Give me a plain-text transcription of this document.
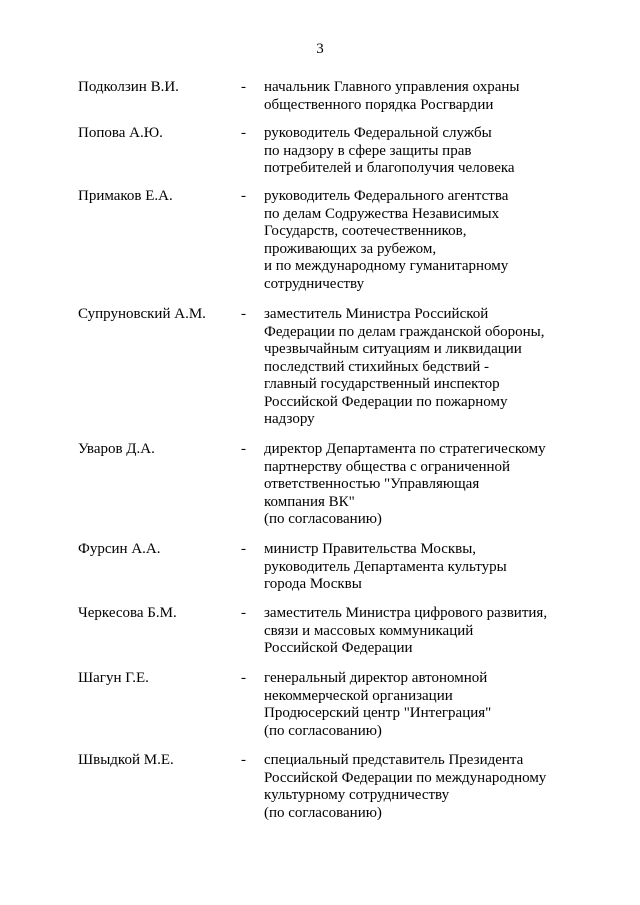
3
Подколзин В.И.	- начальник Главного управления охраны
общественного порядка Росгвардии
Попова А.Ю.	- руководитель Федеральной службы
по надзору в сфере защиты прав
потребителей и благополучия человека
Примаков Е.А.	- руководитель Федерального агентства
по делам Содружества Независимых
Государств, соотечественников,
проживающих за рубежом,
и по международному гуманитарному
сотрудничеству
Супруновский А.М. - заместитель Министра Российской
Федерации по делам гражданской обороны,
чрезвычайным ситуациям и ликвидации
последствий стихийных бедствий -
главный государственный инспектор
Российской Федерации по пожарному
надзору
Уваров Д.А.	- директор Департамента по стратегическому
партнерству общества с ограниченной
ответственностью "Управляющая
компания ВК"
(по согласованию)
Фурсин А.А.	- министр Правительства Москвы,
руководитель Департамента культуры
города Москвы
Черкесова Б.М.	- заместитель Министра цифрового развития,
связи и массовых коммуникаций
Российской Федерации
Шагун Г.Е.	- генеральный директор автономной
некоммерческой организации
Продюсерский центр "Интеграция"
(по согласованию)
Швыдкой М.Е.	- специальный представитель Президента
Российской Федерации по международному
культурному сотрудничеству
(по согласованию)
